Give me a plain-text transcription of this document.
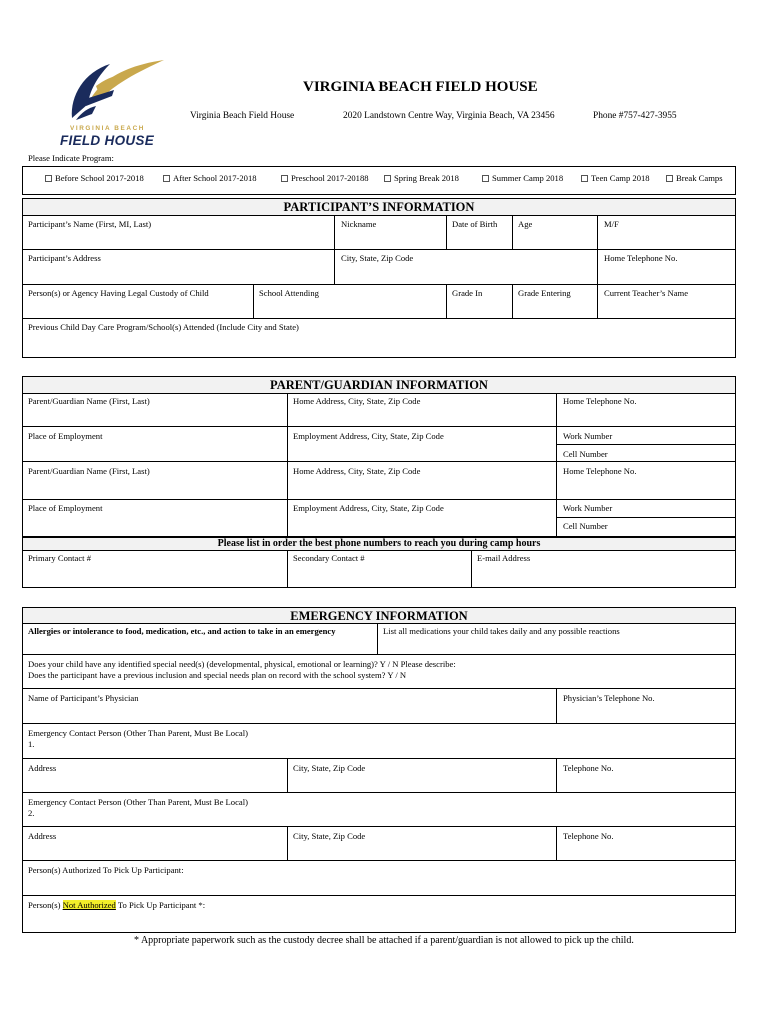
VIRGINIA BEACH
FIELD HOUSE
VIRGINIA BEACH FIELD HOUSE
Virginia Beach Field House	2020 Landstown Centre Way, Virginia Beach, VA 23456	Phone #757-427-3955
Please Indicate Program:
Before School 2017-2018	After School 2017-2018	Preschool 2017-20188	Spring Break 2018	Summer Camp 2018	Teen Camp 2018	Break Camps
PARTICIPANT’S INFORMATION
Participant’s Name (First, MI, Last)	Nickname	Date of Birth Age	M/F
Participant’s Address	City, State, Zip Code	Home Telephone No.
Person(s) or Agency Having Legal Custody of Child	School Attending	Grade In	Grade Entering	Current Teacher’s Name
Previous Child Day Care Program/School(s) Attended (Include City and State)
PARENT/GUARDIAN INFORMATION
Parent/Guardian Name (First, Last)	Home Address, City, State, Zip Code	Home Telephone No.
Place of Employment	Employment Address, City, State, Zip Code	Work Number
Cell Number
Parent/Guardian Name (First, Last)	Home Address, City, State, Zip Code	Home Telephone No.
Place of Employment	Employment Address, City, State, Zip Code	Work Number
Cell Number
Please list in order the best phone numbers to reach you during camp hours
Primary Contact #	Secondary Contact #	E-mail Address
EMERGENCY INFORMATION
Allergies or intolerance to food, medication, etc., and action to take in an emergency	List all medications your child takes daily and any possible reactions
Does your child have any identified special need(s) (developmental, physical, emotional or learning)? Y / N Please describe:
Does the participant have a previous inclusion and special needs plan on record with the school system? Y / N
Name of Participant’s Physician	Physician’s Telephone No.
Emergency Contact Person (Other Than Parent, Must Be Local)
1.
Address	City, State, Zip Code	Telephone No.
Emergency Contact Person (Other Than Parent, Must Be Local)
2.
Address	City, State, Zip Code	Telephone No.
Person(s) Authorized To Pick Up Participant:
Person(s) Not Authorized To Pick Up Participant *:
* Appropriate paperwork such as the custody decree shall be attached if a parent/guardian is not allowed to pick up the child.
